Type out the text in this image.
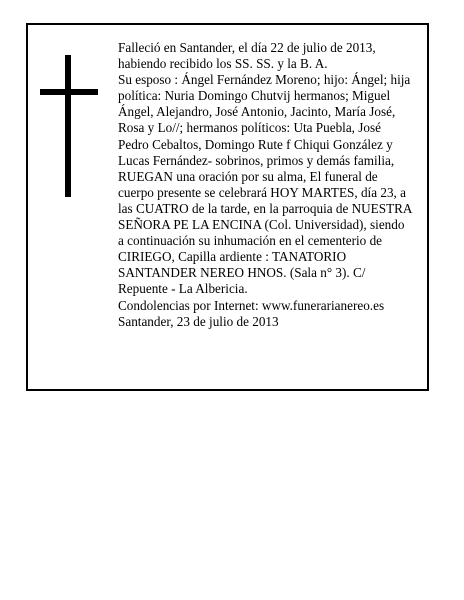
Falleció en Santander, el día 22 de julio de 2013,
habiendo recibido los SS. SS. y la B. A.
Su esposo : Ángel Fernández Moreno; hijo: Ángel; hija
política: Nuria Domingo Chutvij hermanos; Miguel
Ángel, Alejandro, José Antonio, Jacinto, María José,
Rosa y Lo//; hermanos políticos: Uta Puebla, José
Pedro Cebaltos, Domingo Rute f Chiqui González y
Lucas Fernández- sobrinos, primos y demás familia,
RUEGAN una oración por su alma, El funeral de
cuerpo presente se celebrará HOY MARTES, día 23, a
las CUATRO de la tarde, en la parroquia de NUESTRA
SEÑORA PE LA ENCINA (Col. Universidad), siendo
a continuación su inhumación en el cementerio de
CIRIEGO, Capilla ardiente : TANATORIO
SANTANDER NEREO HNOS. (Sala n° 3). C/
Repuente - La Albericia.
Condolencias por Internet: www.funerarianereo.es
Santander, 23 de julio de 2013
